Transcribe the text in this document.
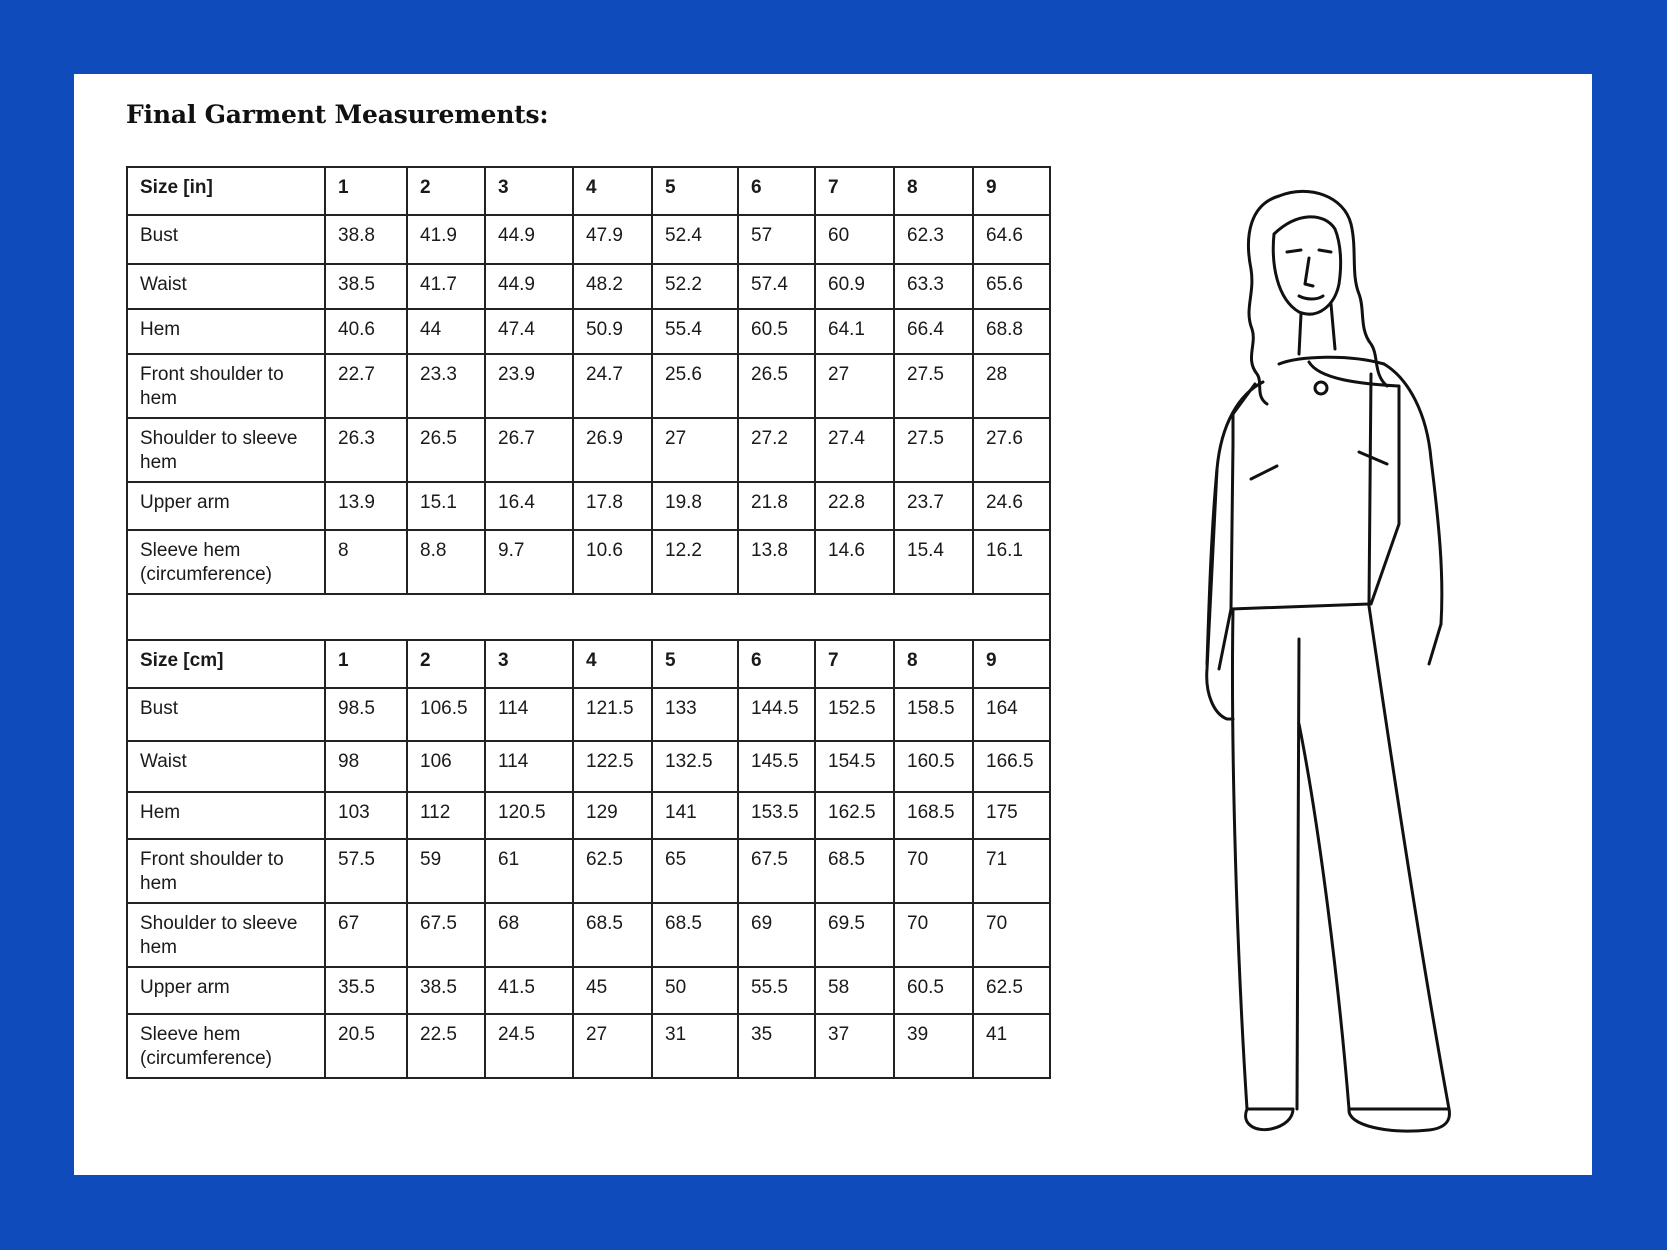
Final Garment Measurements:
Size [in]	1	2	3	4	5	6	7	8	9
Bust	38.8	41.9	44.9	47.9	52.4	57	60	62.3	64.6
Waist	38.5	41.7	44.9	48.2	52.2	57.4	60.9	63.3	65.6
Hem	40.6	44	47.4	50.9	55.4	60.5	64.1	66.4	68.8
Front shoulder to hem	22.7	23.3	23.9	24.7	25.6	26.5	27	27.5	28
Shoulder to sleeve hem	26.3	26.5	26.7	26.9	27	27.2	27.4	27.5	27.6
Upper arm	13.9	15.1	16.4	17.8	19.8	21.8	22.8	23.7	24.6
Sleeve hem (circumference)	8	8.8	9.7	10.6	12.2	13.8	14.6	15.4	16.1

Size [cm]	1	2	3	4	5	6	7	8	9
Bust	98.5	106.5	114	121.5	133	144.5	152.5	158.5	164
Waist	98	106	114	122.5	132.5	145.5	154.5	160.5	166.5
Hem	103	112	120.5	129	141	153.5	162.5	168.5	175
Front shoulder to hem	57.5	59	61	62.5	65	67.5	68.5	70	71
Shoulder to sleeve hem	67	67.5	68	68.5	68.5	69	69.5	70	70
Upper arm	35.5	38.5	41.5	45	50	55.5	58	60.5	62.5
Sleeve hem (circumference)	20.5	22.5	24.5	27	31	35	37	39	41
